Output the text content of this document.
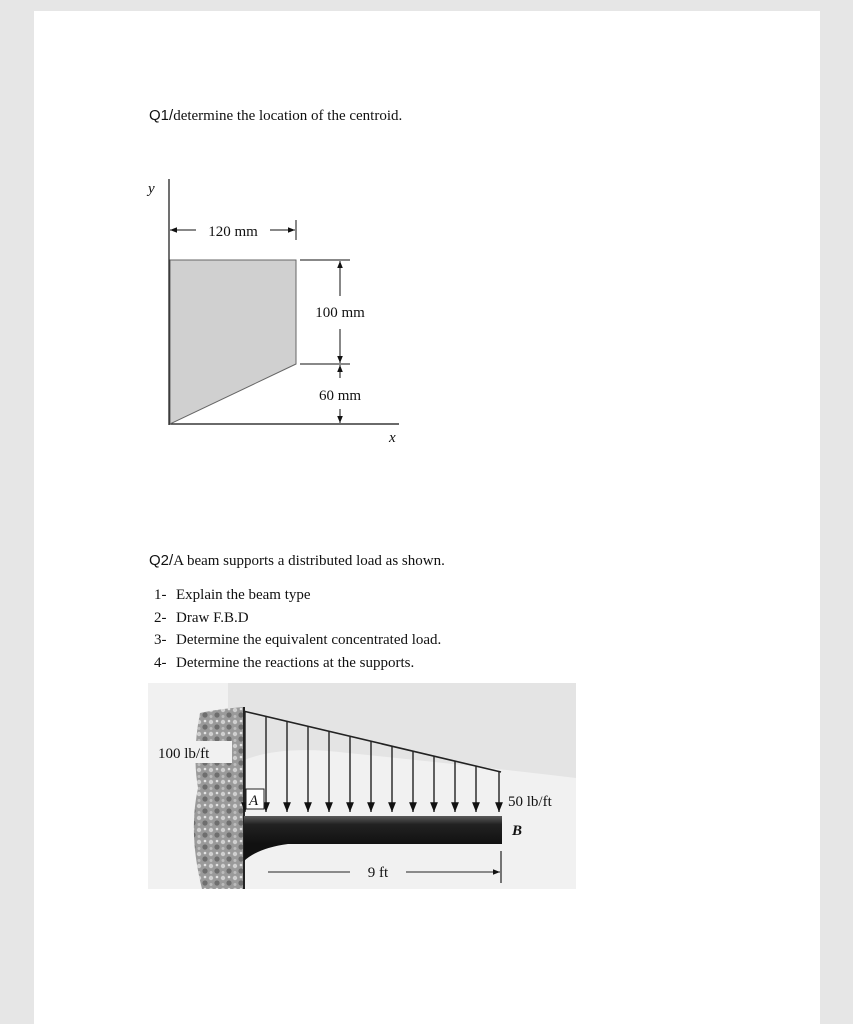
Q1/determine the location of the centroid.
y
x
120 mm
100 mm
60 mm
Q2/A beam supports a distributed load as shown.
1- Explain the beam type
2- Draw F.B.D
3- Determine the equivalent concentrated load.
4- Determine the reactions at the supports.
100 lb/ft
A	50 lb/ft
B
9 ft
